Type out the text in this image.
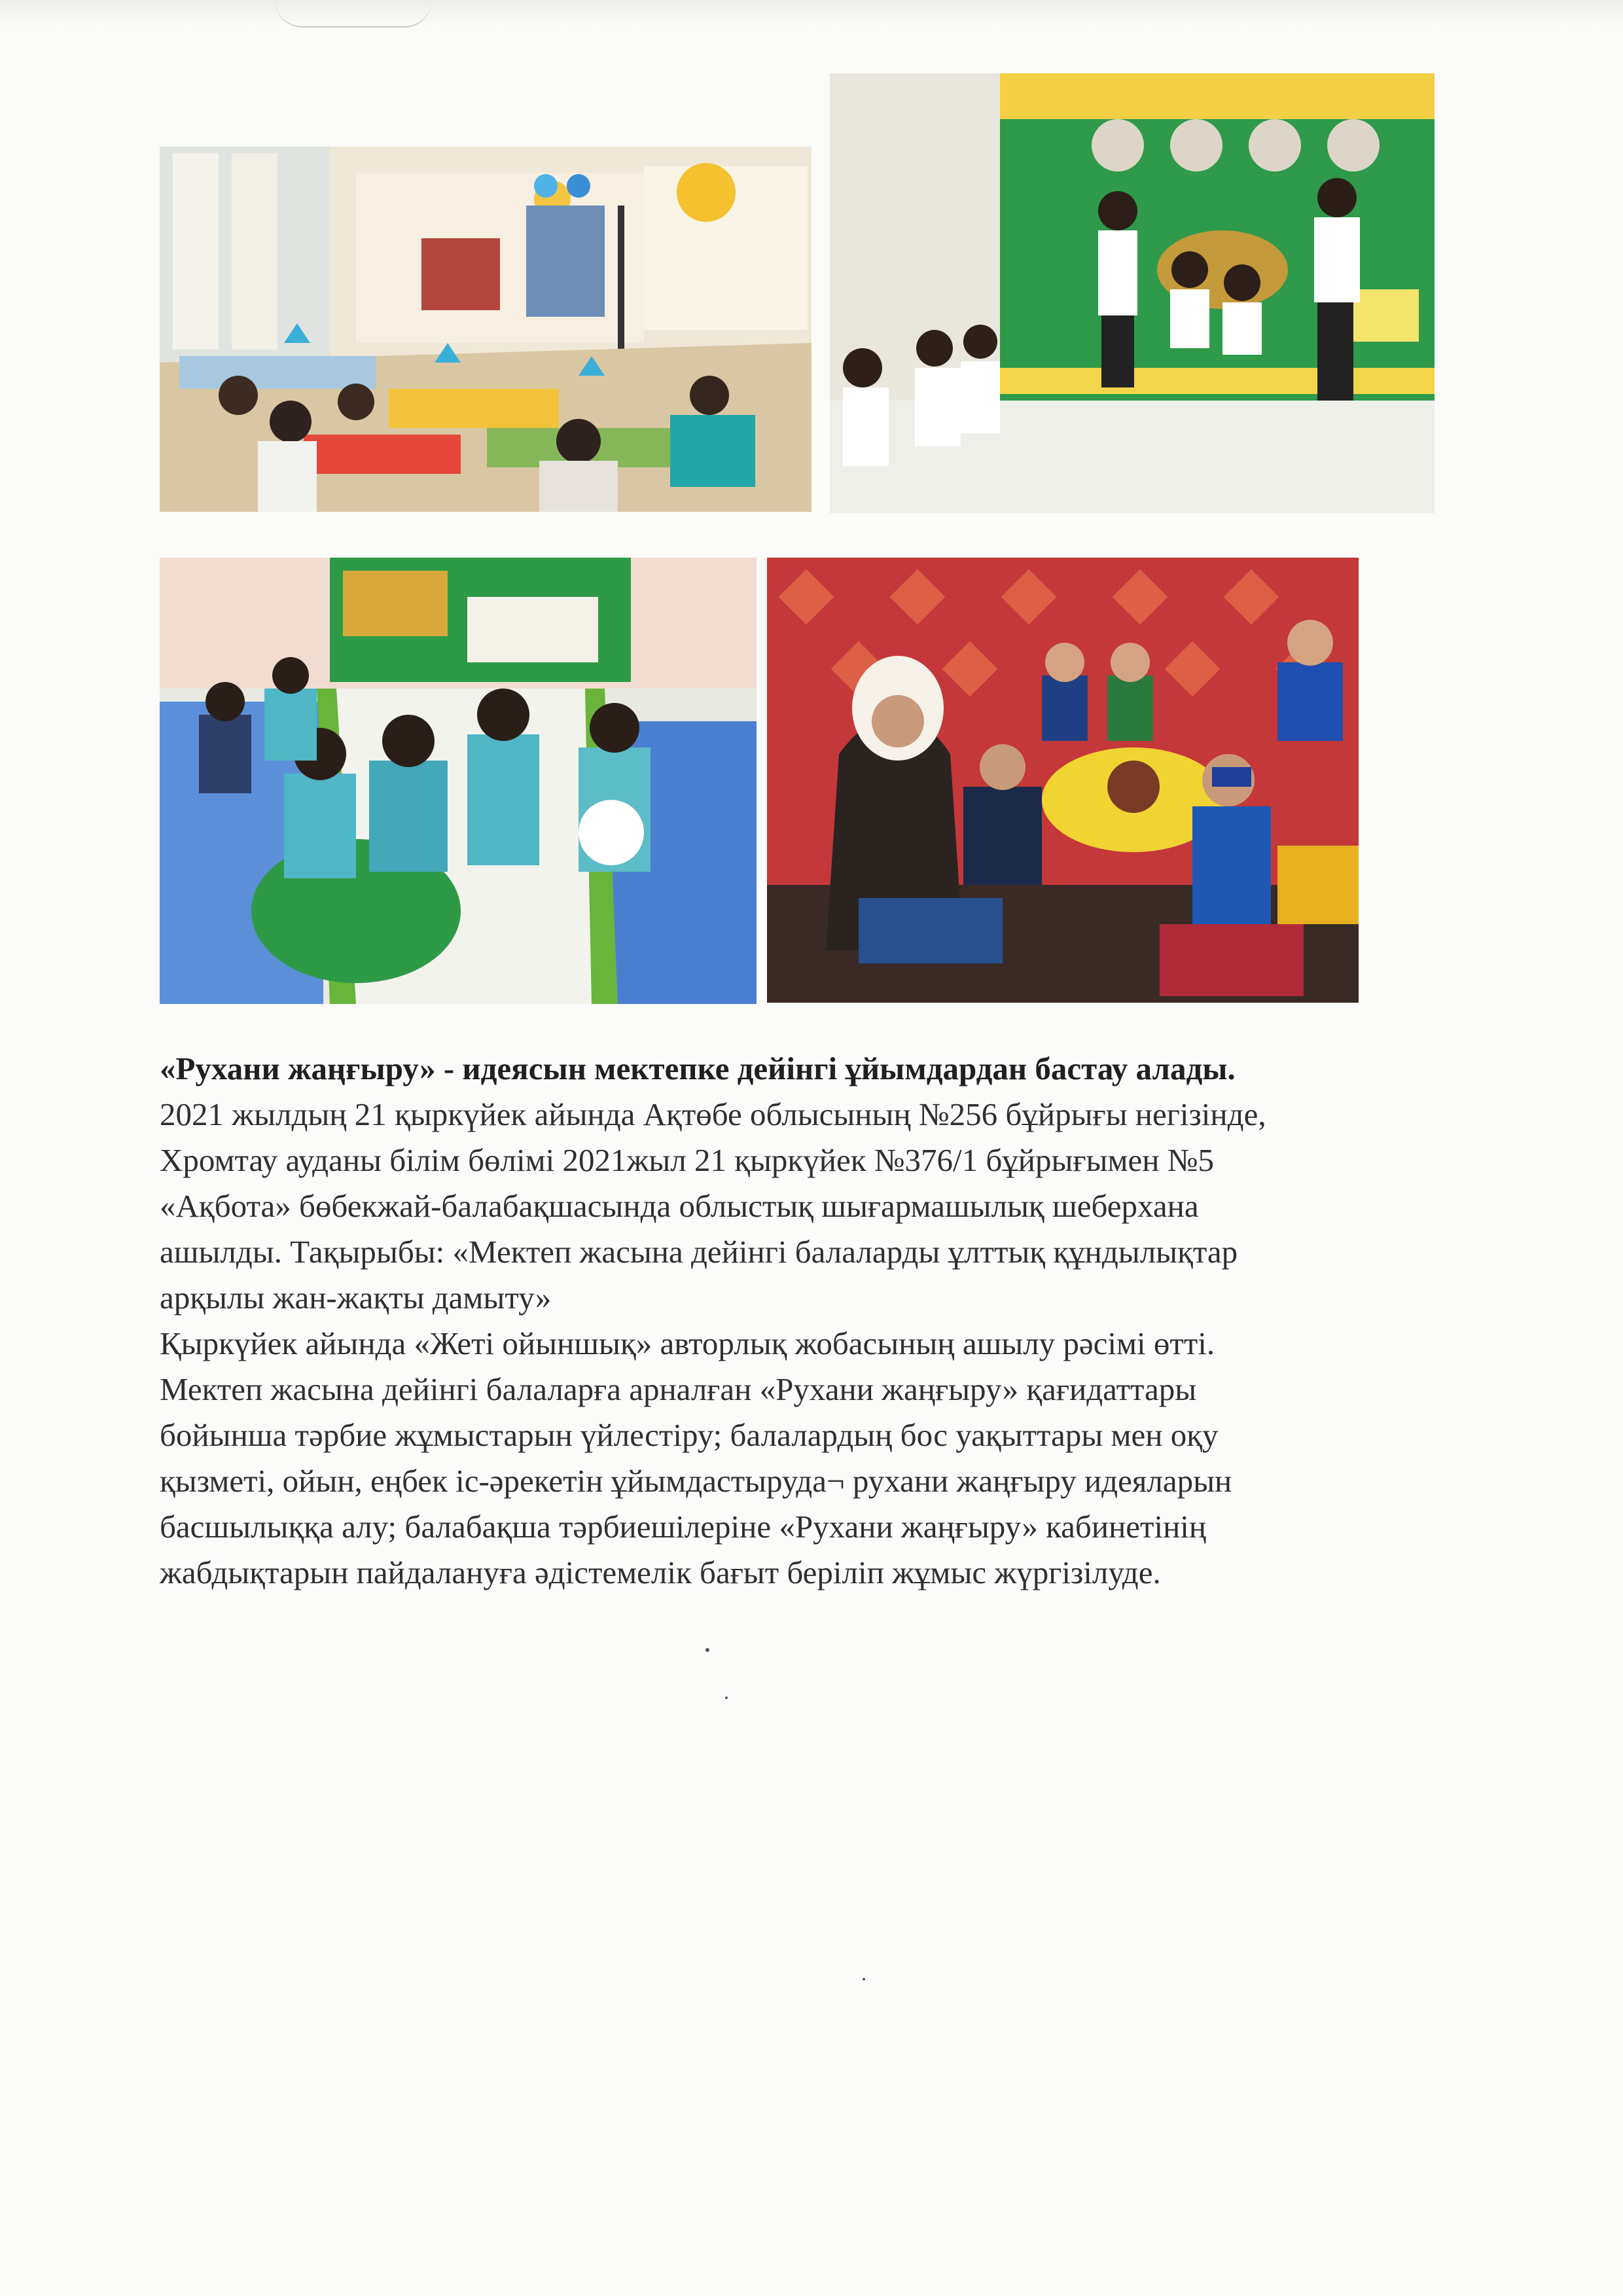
«Рухани жаңғыру» - идеясын мектепке дейінгі ұйымдардан бастау алады.

2021 жылдың 21 қыркүйек айында Ақтөбе облысының №256 бұйрығы негізінде,

Хромтау ауданы білім бөлімі 2021жыл 21 қыркүйек №376/1 бұйрығымен №5

«Ақбота» бөбекжай-балабақшасында облыстық шығармашылық шеберхана

ашылды. Тақырыбы: «Мектеп жасына дейінгі балаларды ұлттық құндылықтар

арқылы жан-жақты дамыту»

Қыркүйек айында «Жеті ойыншық» авторлық жобасының ашылу рәсімі өтті.

Мектеп жасына дейінгі балаларға арналған «Рухани жаңғыру» қағидаттары

бойынша тәрбие жұмыстарын үйлестіру; балалардың бос уақыттары мен оқу

қызметі, ойын, еңбек іс-әрекетін ұйымдастыруда¬ рухани жаңғыру идеяларын

басшылыққа алу; балабақша тәрбиешілеріне «Рухани жаңғыру» кабинетінің

жабдықтарын пайдалануға әдістемелік бағыт беріліп жұмыс жүргізілуде.
